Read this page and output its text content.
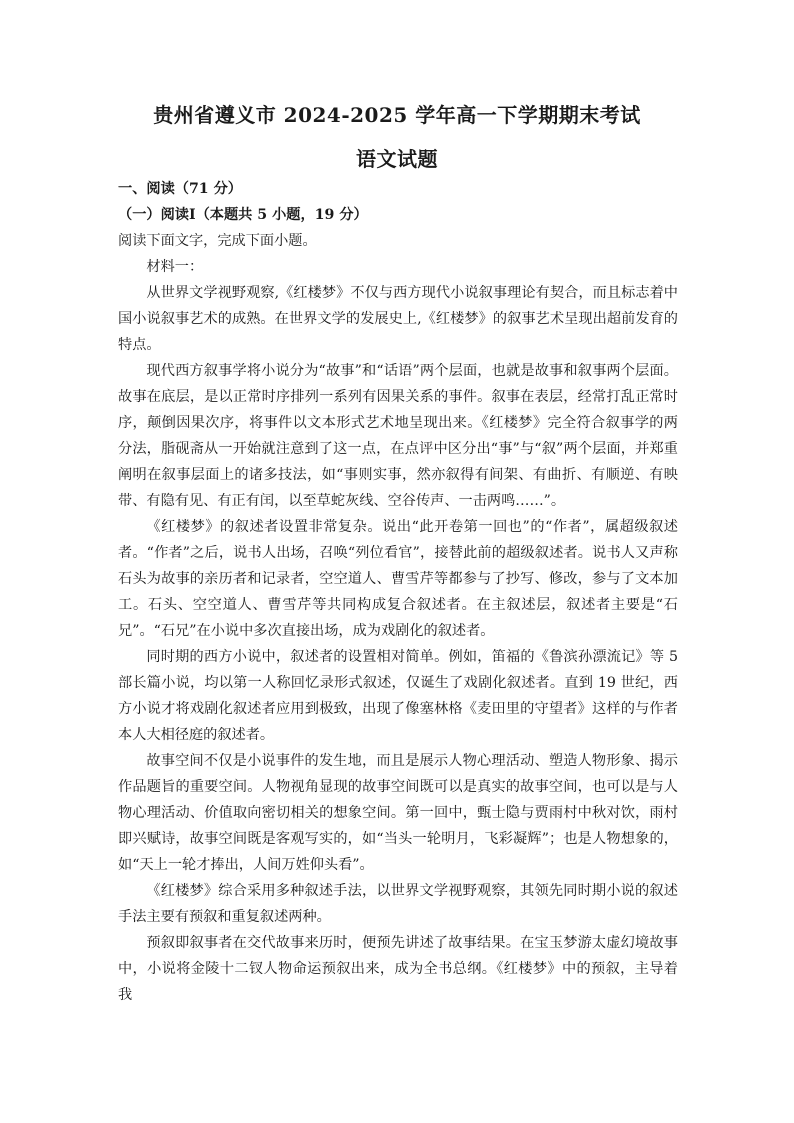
贵州省遵义市 2024-2025 学年高一下学期期末考试
语文试题

一、阅读（71 分）

（一）阅读Ⅰ（本题共 5 小题，19 分）

阅读下面文字，完成下面小题。

材料一：

从世界文学视野观察,《红楼梦》不仅与西方现代小说叙事理论有契合，而且标志着中国小说叙事艺术的成熟。在世界文学的发展史上,《红楼梦》的叙事艺术呈现出超前发育的特点。

现代西方叙事学将小说分为“故事”和“话语”两个层面，也就是故事和叙事两个层面。故事在底层，是以正常时序排列一系列有因果关系的事件。叙事在表层，经常打乱正常时序，颠倒因果次序，将事件以文本形式艺术地呈现出来。《红楼梦》完全符合叙事学的两分法，脂砚斋从一开始就注意到了这一点，在点评中区分出“事”与“叙”两个层面，并郑重阐明在叙事层面上的诸多技法，如“事则实事，然亦叙得有间架、有曲折、有顺逆、有映带、有隐有见、有正有闰，以至草蛇灰线、空谷传声、一击两鸣……”。

《红楼梦》的叙述者设置非常复杂。说出“此开卷第一回也”的“作者”，属超级叙述者。“作者”之后，说书人出场，召唤“列位看官”，接替此前的超级叙述者。说书人又声称石头为故事的亲历者和记录者，空空道人、曹雪芹等都参与了抄写、修改，参与了文本加工。石头、空空道人、曹雪芹等共同构成复合叙述者。在主叙述层，叙述者主要是“石兄”。“石兄”在小说中多次直接出场，成为戏剧化的叙述者。

同时期的西方小说中，叙述者的设置相对简单。例如，笛福的《鲁滨孙漂流记》等 5 部长篇小说，均以第一人称回忆录形式叙述，仅诞生了戏剧化叙述者。直到 19 世纪，西方小说才将戏剧化叙述者应用到极致，出现了像塞林格《麦田里的守望者》这样的与作者本人大相径庭的叙述者。

故事空间不仅是小说事件的发生地，而且是展示人物心理活动、塑造人物形象、揭示作品题旨的重要空间。人物视角显现的故事空间既可以是真实的故事空间，也可以是与人物心理活动、价值取向密切相关的想象空间。第一回中，甄士隐与贾雨村中秋对饮，雨村即兴赋诗，故事空间既是客观写实的，如“当头一轮明月，飞彩凝辉”；也是人物想象的，如“天上一轮才捧出，人间万姓仰头看”。

《红楼梦》综合采用多种叙述手法，以世界文学视野观察，其领先同时期小说的叙述手法主要有预叙和重复叙述两种。

预叙即叙事者在交代故事来历时，便预先讲述了故事结果。在宝玉梦游太虚幻境故事中，小说将金陵十二钗人物命运预叙出来，成为全书总纲。《红楼梦》中的预叙，主导着我
